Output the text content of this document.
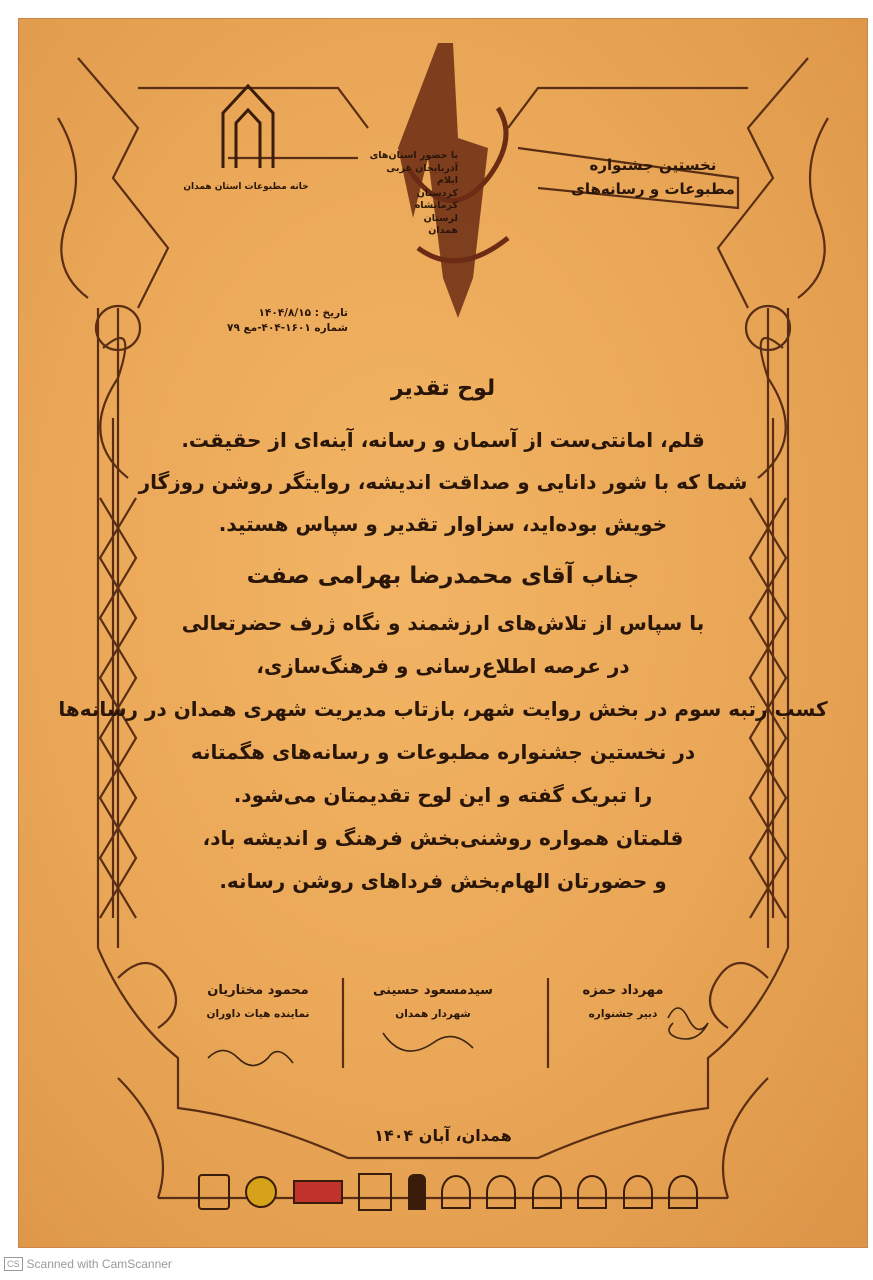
نخستین جشنواره
مطبوعات و رسانه‌های
با حضور استان‌های
آذربایجان غربی
ایلام
کردستان
کرمانشاه
لرستان
همدان
خانه مطبوعات استان همدان
تاریخ : ۱۴۰۴/۸/۱۵
شماره ۱۶۰۱-۴۰۴-مع ۷۹
لوح تقدیر
قلم، امانتی‌ست از آسمان و رسانه، آینه‌ای از حقیقت.
شما که با شور دانایی و صداقت اندیشه، روایتگر روشن روزگار
خویش بوده‌اید، سزاوار تقدیر و سپاس هستید.
جناب آقای محمدرضا بهرامی صفت
با سپاس از تلاش‌های ارزشمند و نگاه ژرف حضرتعالی
در عرصه اطلاع‌رسانی و فرهنگ‌سازی،
کسب رتبه سوم در بخش روایت شهر، بازتاب مدیریت شهری همدان در رسانه‌ها
در نخستین جشنواره مطبوعات و رسانه‌های هگمتانه
را تبریک گفته و این لوح تقدیمتان می‌شود.
قلمتان همواره روشنی‌بخش فرهنگ و اندیشه باد،
و حضورتان الهام‌بخش فرداهای روشن رسانه.
مهرداد حمزه
دبیر جشنواره
سیدمسعود حسینی
شهردار همدان
محمود مختاریان
نماینده هیات داوران
همدان، آبان ۱۴۰۴
CS Scanned with CamScanner
